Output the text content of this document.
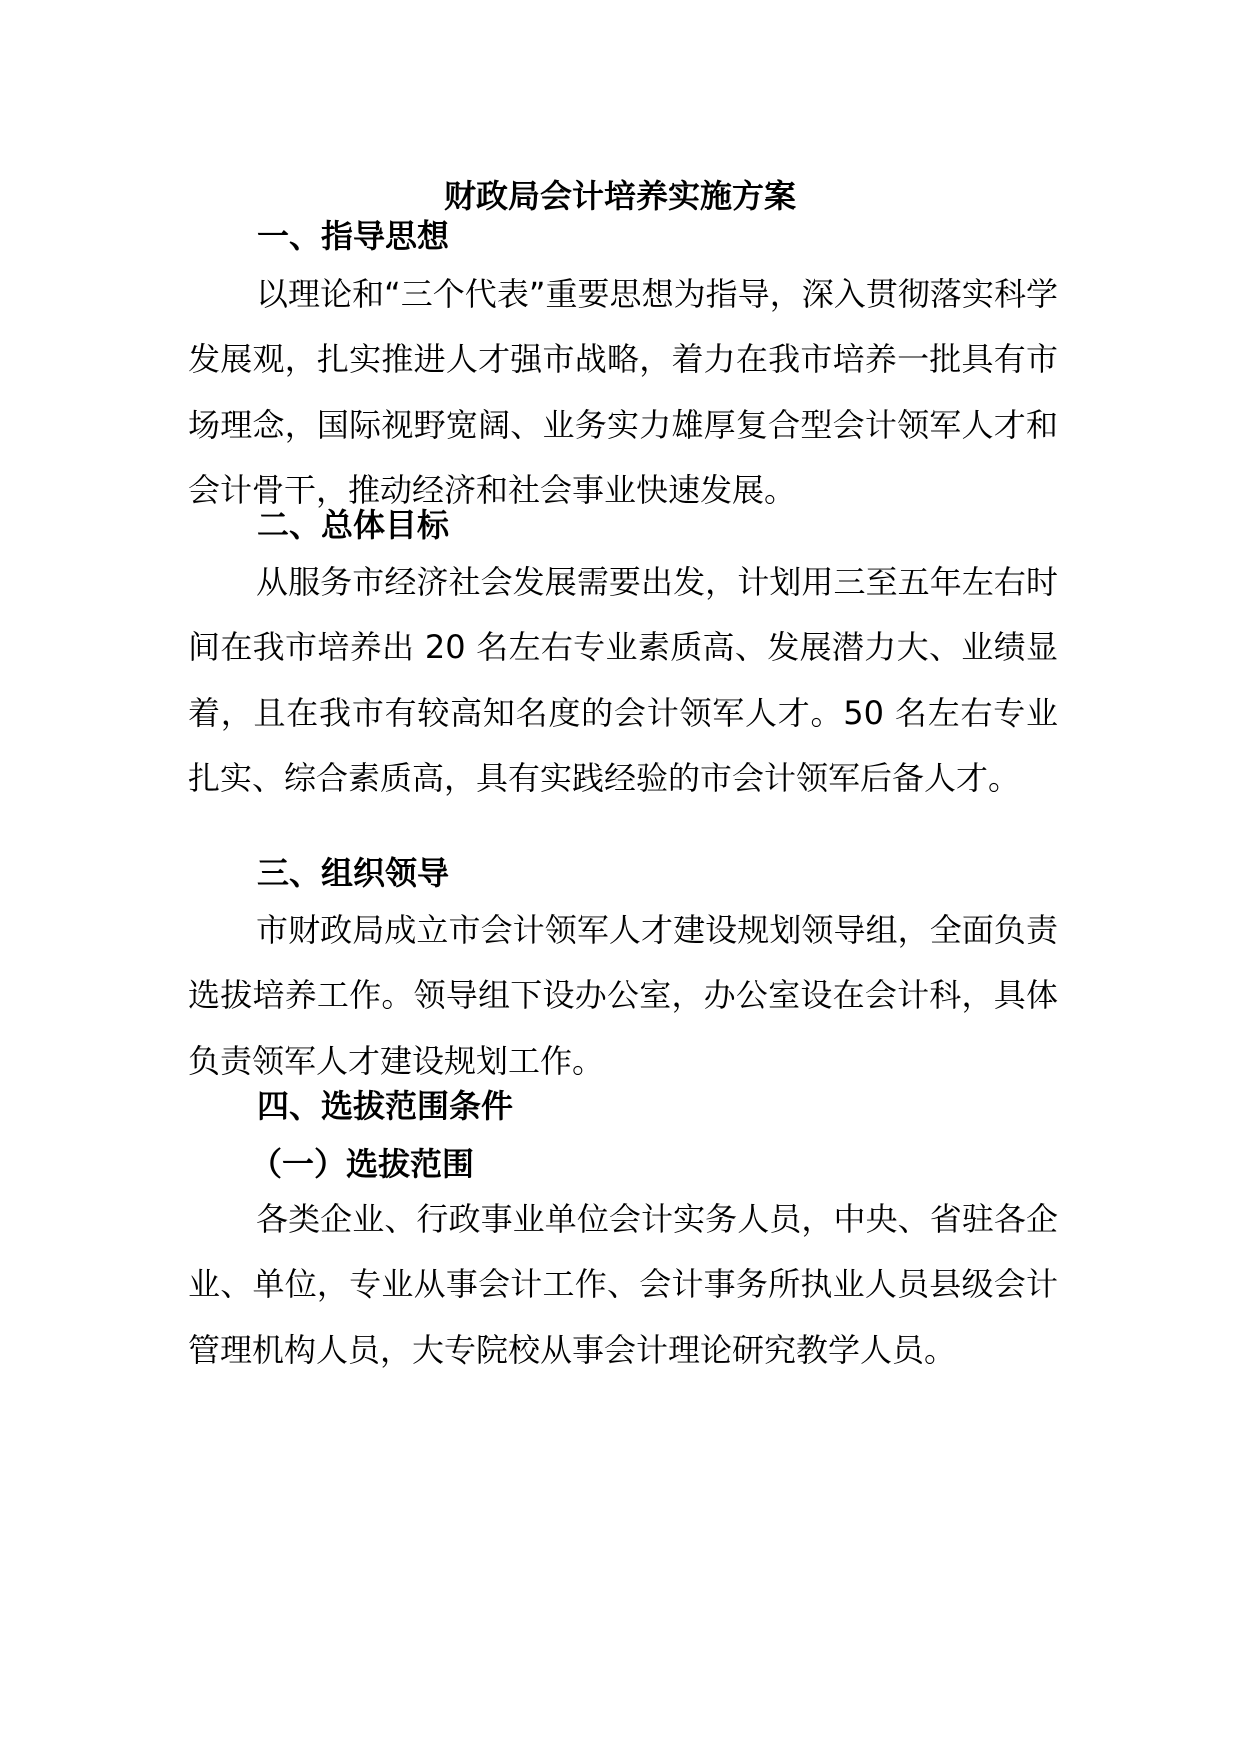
财政局会计培养实施方案
一、指导思想

以理论和“三个代表”重要思想为指导，深入贯彻落实科学发展观，扎实推进人才强市战略，着力在我市培养一批具有市场理念，国际视野宽阔、业务实力雄厚复合型会计领军人才和会计骨干，推动经济和社会事业快速发展。

二、总体目标

从服务市经济社会发展需要出发，计划用三至五年左右时间在我市培养出 20 名左右专业素质高、发展潜力大、业绩显着，且在我市有较高知名度的会计领军人才。50 名左右专业扎实、综合素质高，具有实践经验的市会计领军后备人才。

三、组织领导

市财政局成立市会计领军人才建设规划领导组，全面负责选拔培养工作。领导组下设办公室，办公室设在会计科，具体负责领军人才建设规划工作。

四、选拔范围条件
（一）选拔范围

各类企业、行政事业单位会计实务人员，中央、省驻各企业、单位，专业从事会计工作、会计事务所执业人员县级会计管理机构人员，大专院校从事会计理论研究教学人员。
